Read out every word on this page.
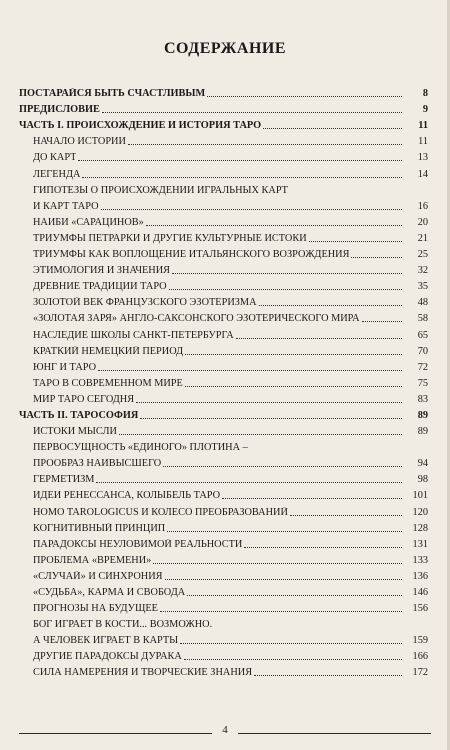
СОДЕРЖАНИЕ
ПОСТАРАЙСЯ БЫТЬ СЧАСТЛИВЫМ	8
ПРЕДИСЛОВИЕ	9
ЧАСТЬ I. ПРОИСХОЖДЕНИЕ И ИСТОРИЯ ТАРО	11
НАЧАЛО ИСТОРИИ	11
ДО КАРТ	13
ЛЕГЕНДА	14
ГИПОТЕЗЫ О ПРОИСХОЖДЕНИИ ИГРАЛЬНЫХ КАРТ
И КАРТ ТАРО	16
НАИБИ «САРАЦИНОВ»	20
ТРИУМФЫ ПЕТРАРКИ И ДРУГИЕ КУЛЬТУРНЫЕ ИСТОКИ	21
ТРИУМФЫ КАК ВОПЛОЩЕНИЕ ИТАЛЬЯНСКОГО ВОЗРОЖДЕНИЯ	25
ЭТИМОЛОГИЯ И ЗНАЧЕНИЯ	32
ДРЕВНИЕ ТРАДИЦИИ ТАРО	35
ЗОЛОТОЙ ВЕК ФРАНЦУЗСКОГО ЭЗОТЕРИЗМА	48
«ЗОЛОТАЯ ЗАРЯ» АНГЛО-САКСОНСКОГО ЭЗОТЕРИЧЕСКОГО МИРА	58
НАСЛЕДИЕ ШКОЛЫ САНКТ-ПЕТЕРБУРГА	65
КРАТКИЙ НЕМЕЦКИЙ ПЕРИОД	70
ЮНГ И ТАРО	72
ТАРО В СОВРЕМЕННОМ МИРЕ	75
МИР ТАРО СЕГОДНЯ	83
ЧАСТЬ II. ТАРОСОФИЯ	89
ИСТОКИ МЫСЛИ	89
ПЕРВОСУЩНОСТЬ «ЕДИНОГО» ПЛОТИНА –
ПРООБРАЗ НАИВЫСШЕГО	94
ГЕРМЕТИЗМ	98
ИДЕИ РЕНЕССАНСА, КОЛЫБЕЛЬ ТАРО	101
HOMO TAROLOGICUS И КОЛЕСО ПРЕОБРАЗОВАНИЙ	120
КОГНИТИВНЫЙ ПРИНЦИП	128
ПАРАДОКСЫ НЕУЛОВИМОЙ РЕАЛЬНОСТИ	131
ПРОБЛЕМА «ВРЕМЕНИ»	133
«СЛУЧАЙ» И СИНХРОНИЯ	136
«СУДЬБА», КАРМА И СВОБОДА	146
ПРОГНОЗЫ НА БУДУЩЕЕ	156
БОГ ИГРАЕТ В КОСТИ... ВОЗМОЖНО.
А ЧЕЛОВЕК ИГРАЕТ В КАРТЫ	159
ДРУГИЕ ПАРАДОКСЫ ДУРАКА	166
СИЛА НАМЕРЕНИЯ И ТВОРЧЕСКИЕ ЗНАНИЯ	172
4
